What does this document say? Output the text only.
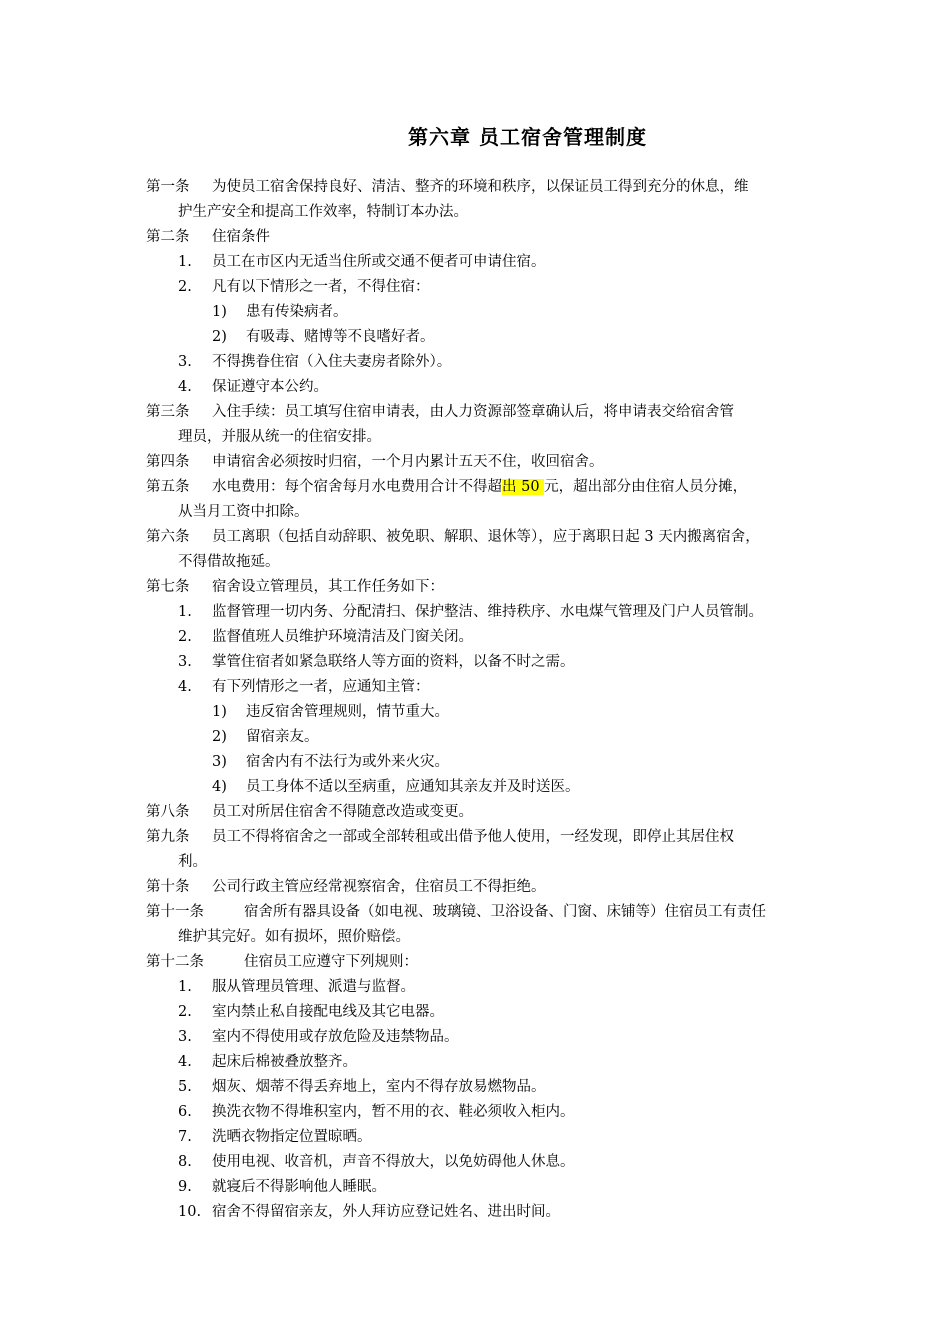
第六章 员工宿舍管理制度
第一条 为使员工宿舍保持良好、清洁、整齐的环境和秩序，以保证员工得到充分的休息，维
护生产安全和提高工作效率，特制订本办法。
第二条 住宿条件
1. 员工在市区内无适当住所或交通不便者可申请住宿。
2. 凡有以下情形之一者，不得住宿：
1) 患有传染病者。
2) 有吸毒、赌博等不良嗜好者。
3. 不得携眷住宿（入住夫妻房者除外）。
4. 保证遵守本公约。
第三条 入住手续：员工填写住宿申请表，由人力资源部签章确认后，将申请表交给宿舍管
理员，并服从统一的住宿安排。
第四条 申请宿舍必须按时归宿，一个月内累计五天不住，收回宿舍。
第五条 水电费用：每个宿舍每月水电费用合计不得超出 50 元，超出部分由住宿人员分摊，
从当月工资中扣除。
第六条 员工离职（包括自动辞职、被免职、解职、退休等），应于离职日起 3 天内搬离宿舍，
不得借故拖延。
第七条 宿舍设立管理员，其工作任务如下：
1. 监督管理一切内务、分配清扫、保护整洁、维持秩序、水电煤气管理及门户人员管制。
2. 监督值班人员维护环境清洁及门窗关闭。
3. 掌管住宿者如紧急联络人等方面的资料，以备不时之需。
4. 有下列情形之一者，应通知主管：
1) 违反宿舍管理规则，情节重大。
2) 留宿亲友。
3) 宿舍内有不法行为或外来火灾。
4) 员工身体不适以至病重，应通知其亲友并及时送医。
第八条 员工对所居住宿舍不得随意改造或变更。
第九条 员工不得将宿舍之一部或全部转租或出借予他人使用，一经发现，即停止其居住权
利。
第十条 公司行政主管应经常视察宿舍，住宿员工不得拒绝。
第十一条	宿舍所有器具设备（如电视、玻璃镜、卫浴设备、门窗、床铺等）住宿员工有责任
维护其完好。如有损坏，照价赔偿。
第十二条	住宿员工应遵守下列规则：
1. 服从管理员管理、派遣与监督。
2. 室内禁止私自接配电线及其它电器。
3. 室内不得使用或存放危险及违禁物品。
4. 起床后棉被叠放整齐。
5. 烟灰、烟蒂不得丢弃地上，室内不得存放易燃物品。
6. 换洗衣物不得堆积室内，暂不用的衣、鞋必须收入柜内。
7. 洗晒衣物指定位置晾晒。
8. 使用电视、收音机，声音不得放大，以免妨碍他人休息。
9. 就寝后不得影响他人睡眠。
10. 宿舍不得留宿亲友，外人拜访应登记姓名、进出时间。
